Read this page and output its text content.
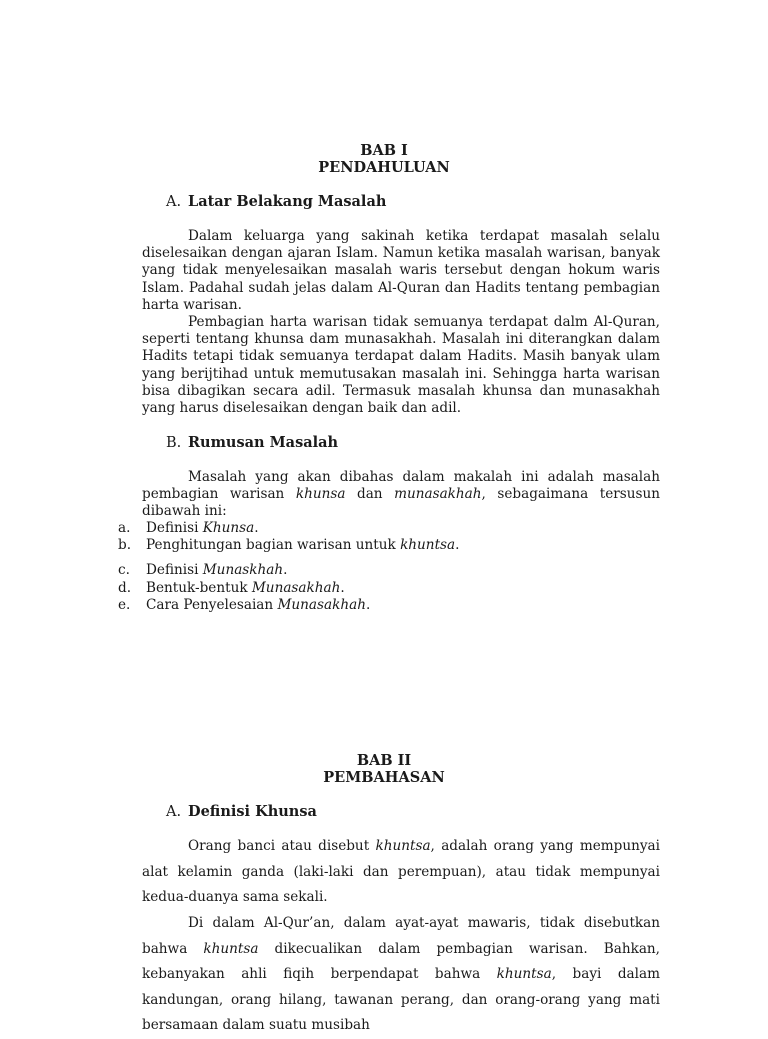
BAB I
PENDAHULUAN
A. Latar Belakang Masalah

Dalam keluarga yang sakinah ketika terdapat masalah selalu diselesaikan dengan ajaran Islam. Namun ketika masalah warisan, banyak yang tidak menyelesaikan masalah waris tersebut dengan hokum waris Islam. Padahal sudah jelas dalam Al-Quran dan Hadits tentang pembagian harta warisan.

Pembagian harta warisan tidak semuanya terdapat dalm Al-Quran, seperti tentang khunsa dam munasakhah. Masalah ini diterangkan dalam Hadits tetapi tidak semuanya terdapat dalam Hadits. Masih banyak ulam yang berijtihad untuk memutusakan masalah ini. Sehingga harta warisan bisa dibagikan secara adil. Termasuk masalah khunsa dan munasakhah yang harus diselesaikan dengan baik dan adil.

B. Rumusan Masalah

Masalah yang akan dibahas dalam makalah ini adalah masalah pembagian warisan khunsa dan munasakhah, sebagaimana tersusun dibawah ini:

a. Definisi Khunsa.
b. Penghitungan bagian warisan untuk khuntsa.
c. Definisi Munaskhah.
d. Bentuk-bentuk Munasakhah.
e. Cara Penyelesaian Munasakhah.
BAB II
PEMBAHASAN
A. Definisi Khunsa

Orang banci atau disebut khuntsa, adalah orang yang mempunyai alat kelamin ganda (laki-laki dan perempuan), atau tidak mempunyai kedua-duanya sama sekali.

Di dalam Al-Qur’an, dalam ayat-ayat mawaris, tidak disebutkan bahwa khuntsa dikecualikan dalam pembagian warisan. Bahkan, kebanyakan ahli fiqih berpendapat bahwa khuntsa, bayi dalam kandungan, orang hilang, tawanan perang, dan orang-orang yang mati bersamaan dalam suatu musibah
